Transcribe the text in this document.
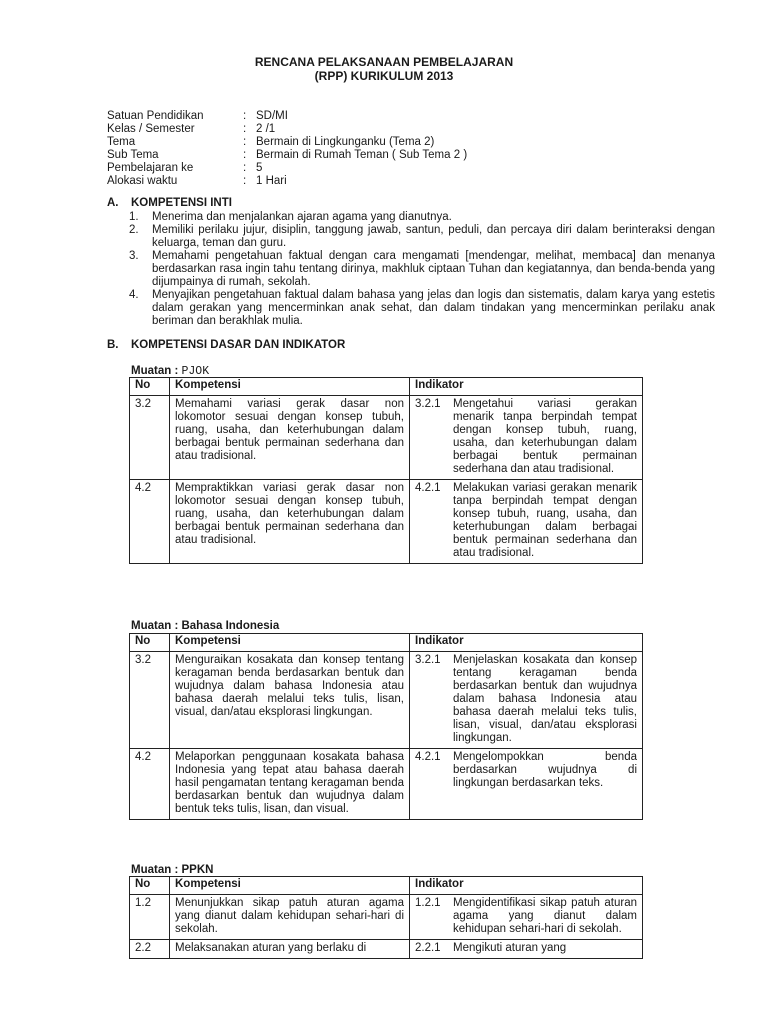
RENCANA PELAKSANAAN PEMBELAJARAN
(RPP) KURIKULUM 2013
Satuan Pendidikan	:	SD/MI
Kelas / Semester	:	2 /1
Tema	:	Bermain di Lingkunganku (Tema 2)
Sub Tema	:	Bermain di Rumah Teman ( Sub Tema 2 )
Pembelajaran ke	:	5
Alokasi waktu	:	1 Hari
A. KOMPETENSI INTI
1. Menerima dan menjalankan ajaran agama yang dianutnya.
2. Memiliki perilaku jujur, disiplin, tanggung jawab, santun, peduli, dan percaya diri dalam berinteraksi dengan keluarga, teman dan guru.
3. Memahami pengetahuan faktual dengan cara mengamati [mendengar, melihat, membaca] dan menanya berdasarkan rasa ingin tahu tentang dirinya, makhluk ciptaan Tuhan dan kegiatannya, dan benda-benda yang dijumpainya di rumah, sekolah.
4. Menyajikan pengetahuan faktual dalam bahasa yang jelas dan logis dan sistematis, dalam karya yang estetis dalam gerakan yang mencerminkan anak sehat, dan dalam tindakan yang mencerminkan perilaku anak beriman dan berakhlak mulia.
B. KOMPETENSI DASAR DAN INDIKATOR
Muatan : PJOK
No	Kompetensi	Indikator
3.2	Memahami variasi gerak dasar non lokomotor sesuai dengan konsep tubuh, ruang, usaha, dan keterhubungan dalam berbagai bentuk permainan sederhana dan atau tradisional.	3.2.1 Mengetahui variasi gerakan menarik tanpa berpindah tempat dengan konsep tubuh, ruang, usaha, dan keterhubungan dalam berbagai bentuk permainan sederhana dan atau tradisional.

4.2	Mempraktikkan variasi gerak dasar non lokomotor sesuai dengan konsep tubuh, ruang, usaha, dan keterhubungan dalam berbagai bentuk permainan sederhana dan atau tradisional.	4.2.1 Melakukan variasi gerakan menarik tanpa berpindah tempat dengan konsep tubuh, ruang, usaha, dan keterhubungan dalam berbagai bentuk permainan sederhana dan atau tradisional.
Muatan : Bahasa Indonesia
No	Kompetensi	Indikator
3.2	Menguraikan kosakata dan konsep tentang keragaman benda berdasarkan bentuk dan wujudnya dalam bahasa Indonesia atau bahasa daerah melalui teks tulis, lisan, visual, dan/atau eksplorasi lingkungan.	3.2.1 Menjelaskan kosakata dan konsep tentang keragaman benda berdasarkan bentuk dan wujudnya dalam bahasa Indonesia atau bahasa daerah melalui teks tulis, lisan, visual, dan/atau eksplorasi lingkungan.

4.2	Melaporkan penggunaan kosakata bahasa Indonesia yang tepat atau bahasa daerah hasil pengamatan tentang keragaman benda berdasarkan bentuk dan wujudnya dalam bentuk teks tulis, lisan, dan visual.	4.2.1 Mengelompokkan benda berdasarkan wujudnya di lingkungan berdasarkan teks.
Muatan : PPKN
No	Kompetensi	Indikator
1.2	Menunjukkan sikap patuh aturan agama yang dianut dalam kehidupan sehari-hari di sekolah.	1.2.1 Mengidentifikasi sikap patuh aturan agama yang dianut dalam kehidupan sehari-hari di sekolah.

2.2	Melaksanakan aturan yang berlaku di	2.2.1 Mengikuti aturan yang
